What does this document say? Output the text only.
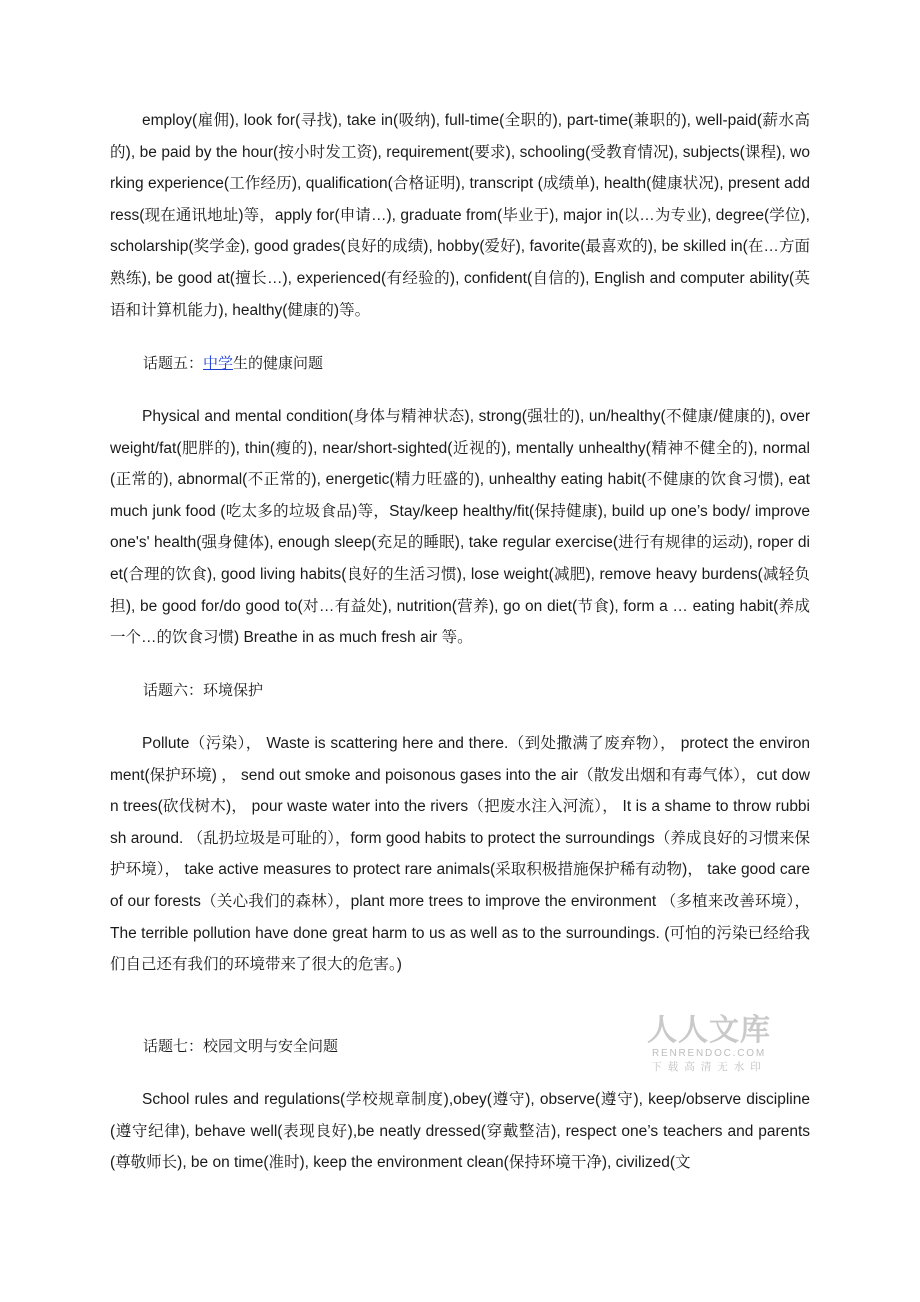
employ(雇佣), look for(寻找), take in(吸纳), full-time(全职的), part-time(兼职的), well-paid(薪水高的), be paid by the hour(按小时发工资), requirement(要求), schooling(受教育情况), subjects(课程), working experience(工作经历), qualification(合格证明), transcript (成绩单), health(健康状况), present address(现在通讯地址)等，apply for(申请…), graduate from(毕业于), major in(以…为专业), degree(学位), scholarship(奖学金), good grades(良好的成绩), hobby(爱好), favorite(最喜欢的), be skilled in(在…方面熟练), be good at(擅长…), experienced(有经验的), confident(自信的), English and computer ability(英语和计算机能力), healthy(健康的)等。

话题五：中学生的健康问题

Physical and mental condition(身体与精神状态), strong(强壮的), un/healthy(不健康/健康的), overweight/fat(肥胖的), thin(瘦的), near/short-sighted(近视的), mentally unhealthy(精神不健全的), normal(正常的), abnormal(不正常的), energetic(精力旺盛的), unhealthy eating habit(不健康的饮食习惯), eat much junk food (吃太多的垃圾食品)等，Stay/keep healthy/fit(保持健康), build up one’s body/ improve one's' health(强身健体), enough sleep(充足的睡眠), take regular exercise(进行有规律的运动), roper diet(合理的饮食), good living habits(良好的生活习惯), lose weight(减肥), remove heavy burdens(减轻负担), be good for/do good to(对…有益处), nutrition(营养), go on diet(节食), form a … eating habit(养成一个…的饮食习惯) Breathe in as much fresh air 等。

话题六：环境保护

Pollute（污染）， Waste is scattering here and there.（到处撒满了废弃物）， protect the environment(保护环境) ， send out smoke and poisonous gases into the air（散发出烟和有毒气体），cut down trees(砍伐树木)， pour waste water into the rivers（把废水注入河流）， It is a shame to throw rubbish around. （乱扔垃圾是可耻的），form good habits to protect the surroundings（养成良好的习惯来保护环境）， take active measures to protect rare animals(采取积极措施保护稀有动物)， take good care of our forests（关心我们的森林），plant more trees to improve the environment （多植来改善环境），The terrible pollution have done great harm to us as well as to the surroundings. (可怕的污染已经给我们自己还有我们的环境带来了很大的危害。)

话题七：校园文明与安全问题

School rules and regulations(学校规章制度),obey(遵守), observe(遵守), keep/observe discipline(遵守纪律), behave well(表现良好),be neatly dressed(穿戴整洁), respect one’s teachers and parents(尊敬师长), be on time(准时), keep the environment clean(保持环境干净), civilized(文

人人文库
RENRENDOC.COM
下载高清无水印
